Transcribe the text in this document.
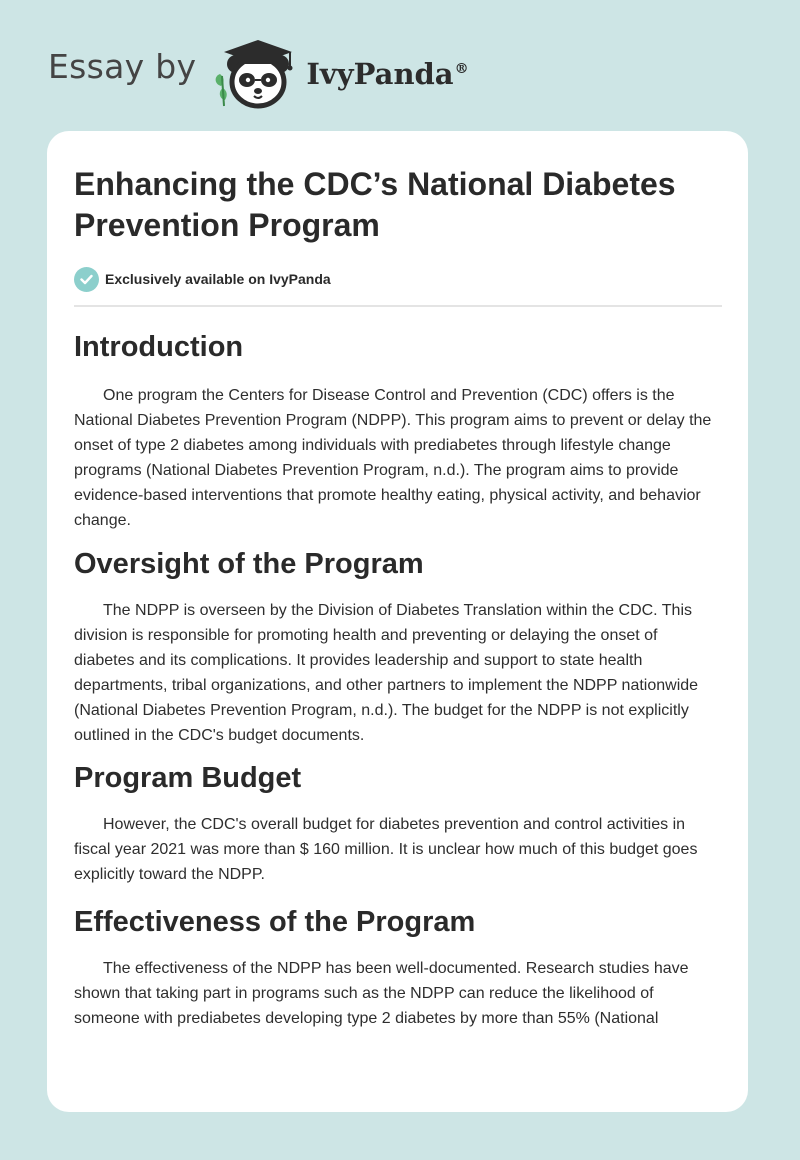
Essay by	IvyPanda®
Enhancing the CDC’s National Diabetes Prevention Program
Exclusively available on IvyPanda
Introduction

One program the Centers for Disease Control and Prevention (CDC) offers is the National Diabetes Prevention Program (NDPP). This program aims to prevent or delay the onset of type 2 diabetes among individuals with prediabetes through lifestyle change programs (National Diabetes Prevention Program, n.d.). The program aims to provide evidence-based interventions that promote healthy eating, physical activity, and behavior change.

Oversight of the Program

The NDPP is overseen by the Division of Diabetes Translation within the CDC. This division is responsible for promoting health and preventing or delaying the onset of diabetes and its complications. It provides leadership and support to state health departments, tribal organizations, and other partners to implement the NDPP nationwide (National Diabetes Prevention Program, n.d.). The budget for the NDPP is not explicitly outlined in the CDC's budget documents.

Program Budget

However, the CDC's overall budget for diabetes prevention and control activities in fiscal year 2021 was more than $ 160 million. It is unclear how much of this budget goes explicitly toward the NDPP.

Effectiveness of the Program

The effectiveness of the NDPP has been well-documented. Research studies have shown that taking part in programs such as the NDPP can reduce the likelihood of someone with prediabetes developing type 2 diabetes by more than 55% (National
